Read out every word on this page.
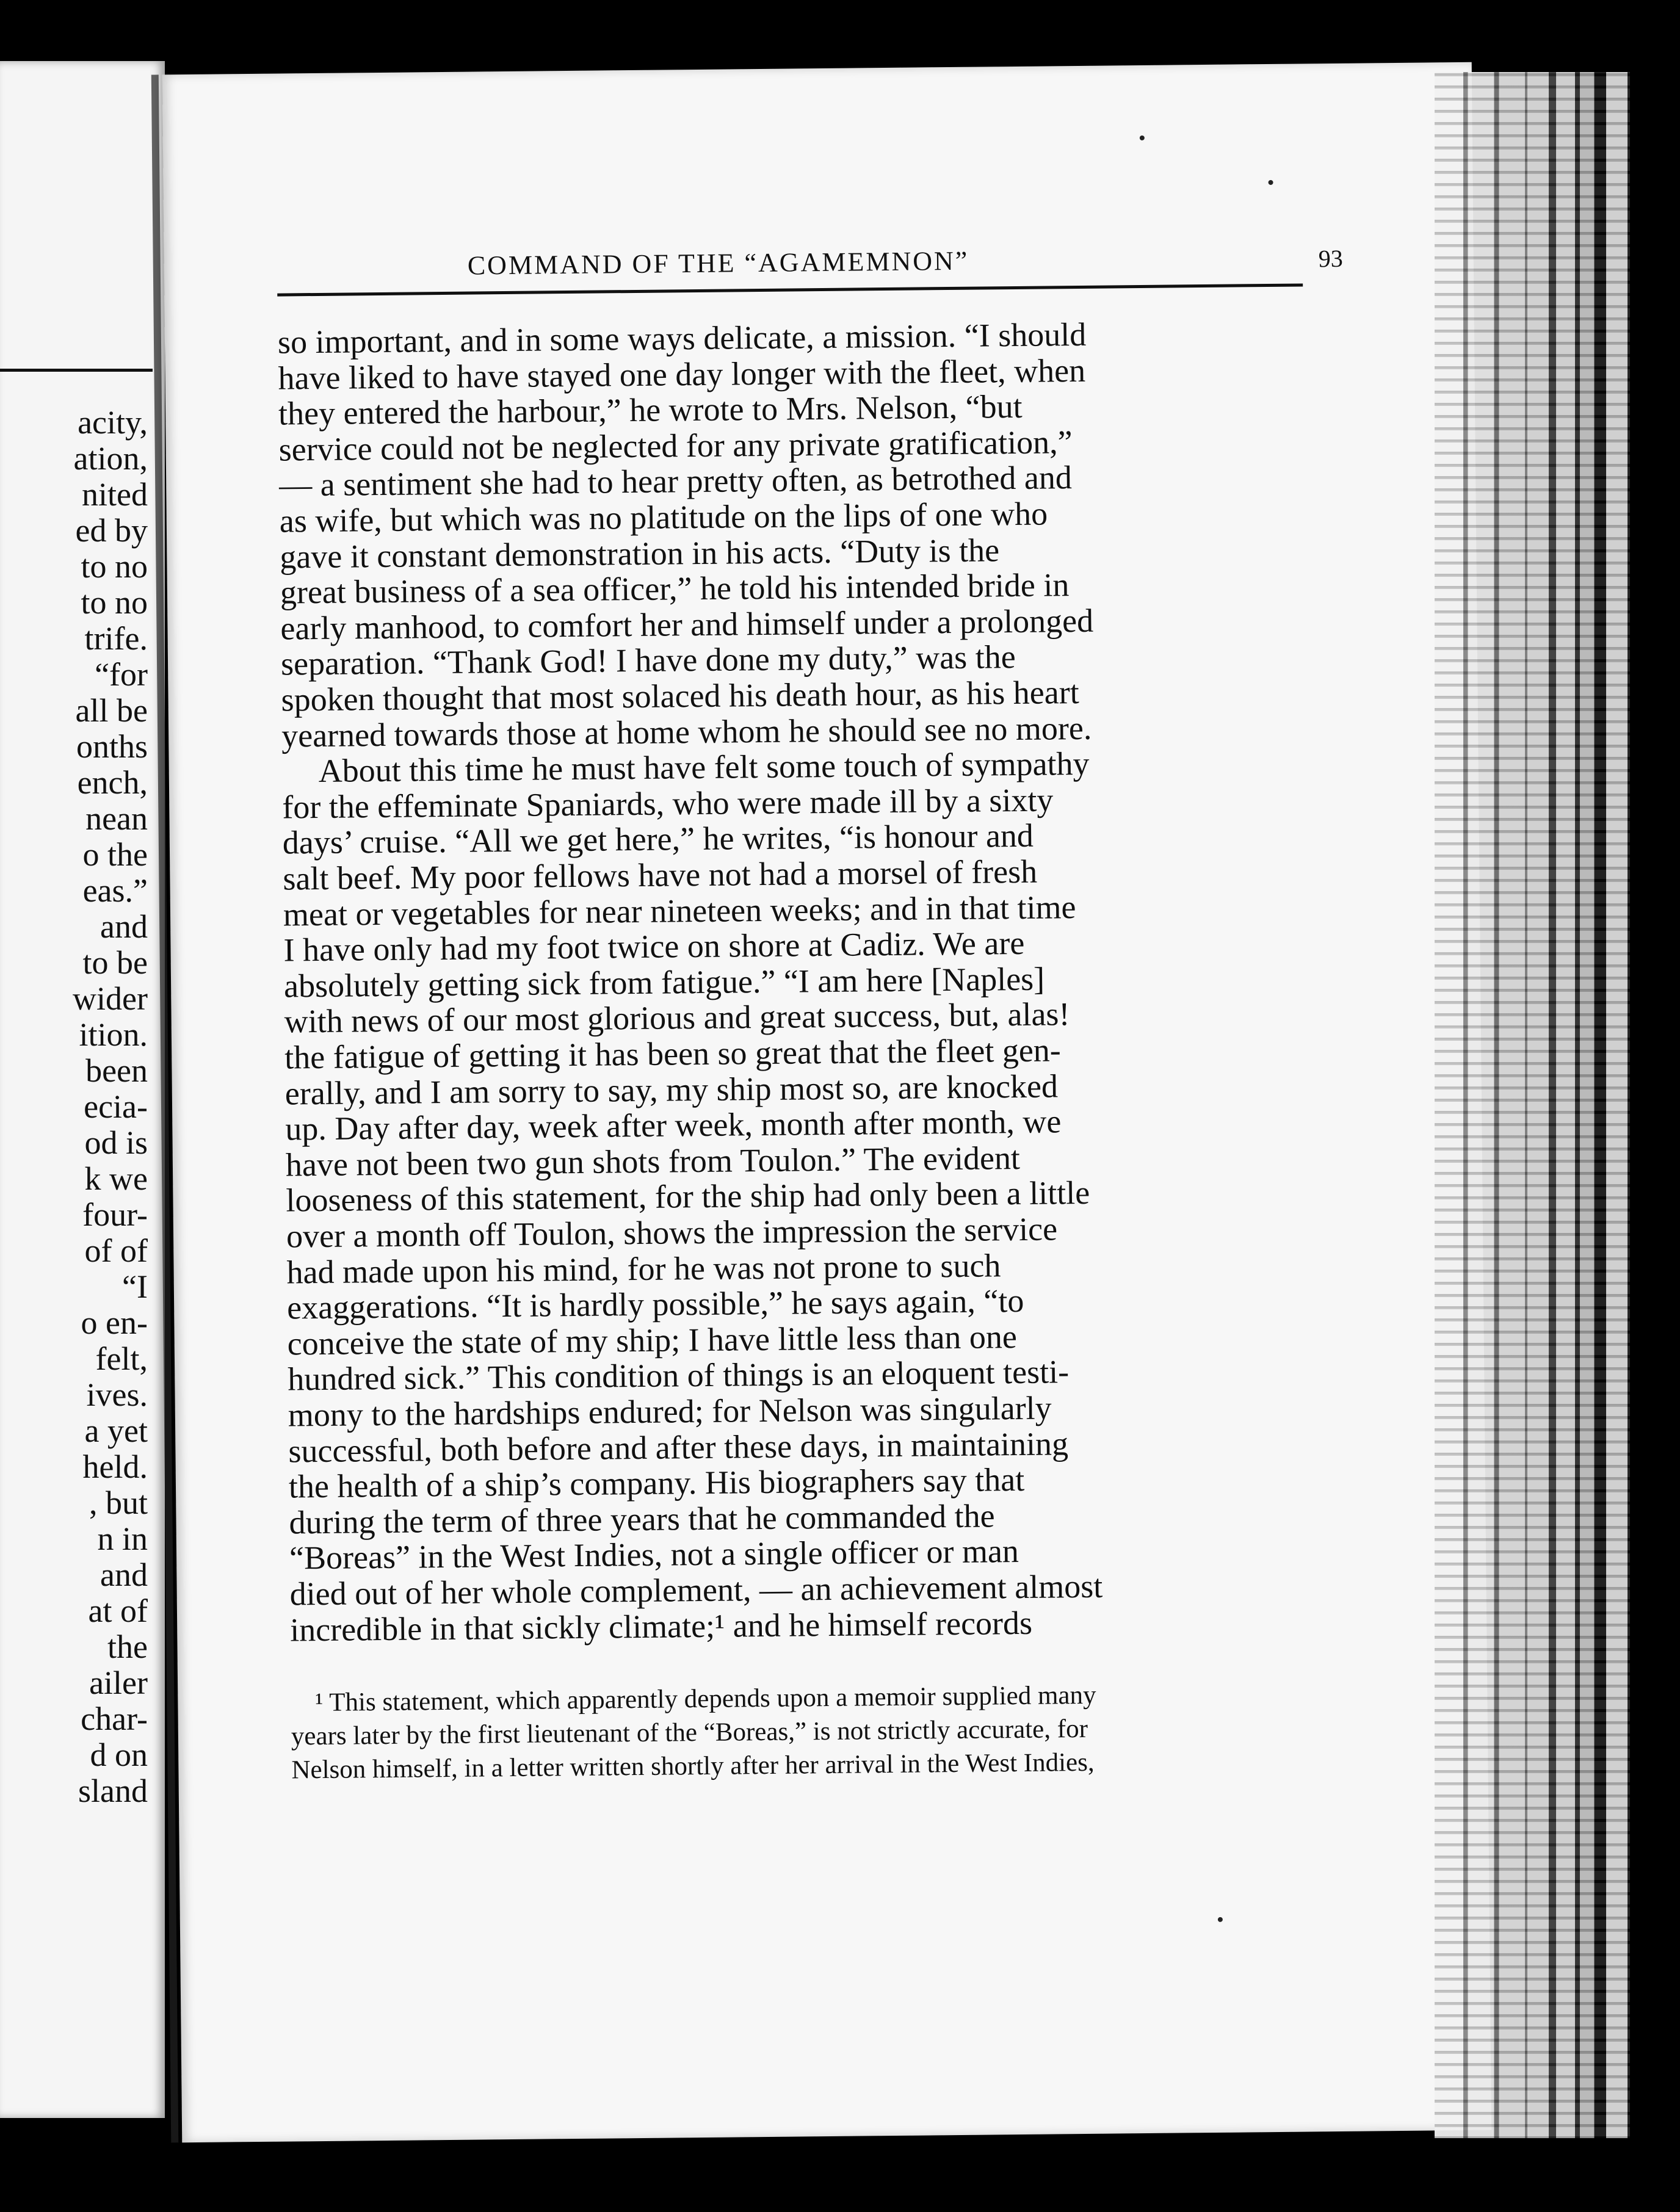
acity,
ation,
nited
ed by
to no
to no
trife.
“for
all be
onths
ench,
nean
o the
eas.”
and
to be
wider
ition.
been
ecia-
od is
k we
four-
of of
“I
o en-
felt,
ives.
a yet
held.
, but
n in
and
at of
the
ailer
char-
d on
sland
COMMAND OF THE “AGAMEMNON”	93
so important, and in some ways delicate, a mission. “I should
have liked to have stayed one day longer with the fleet, when
they entered the harbour,” he wrote to Mrs. Nelson, “but
service could not be neglected for any private gratification,”
— a sentiment she had to hear pretty often, as betrothed and
as wife, but which was no platitude on the lips of one who
gave it constant demonstration in his acts. “Duty is the
great business of a sea officer,” he told his intended bride in
early manhood, to comfort her and himself under a prolonged
separation. “Thank God! I have done my duty,” was the
spoken thought that most solaced his death hour, as his heart
yearned towards those at home whom he should see no more.
About this time he must have felt some touch of sympathy
for the effeminate Spaniards, who were made ill by a sixty
days’ cruise. “All we get here,” he writes, “is honour and
salt beef. My poor fellows have not had a morsel of fresh
meat or vegetables for near nineteen weeks; and in that time
I have only had my foot twice on shore at Cadiz. We are
absolutely getting sick from fatigue.” “I am here [Naples]
with news of our most glorious and great success, but, alas!
the fatigue of getting it has been so great that the fleet gen-
erally, and I am sorry to say, my ship most so, are knocked
up. Day after day, week after week, month after month, we
have not been two gun shots from Toulon.” The evident
looseness of this statement, for the ship had only been a little
over a month off Toulon, shows the impression the service
had made upon his mind, for he was not prone to such
exaggerations. “It is hardly possible,” he says again, “to
conceive the state of my ship; I have little less than one
hundred sick.” This condition of things is an eloquent testi-
mony to the hardships endured; for Nelson was singularly
successful, both before and after these days, in maintaining
the health of a ship’s company. His biographers say that
during the term of three years that he commanded the
“Boreas” in the West Indies, not a single officer or man
died out of her whole complement, — an achievement almost
incredible in that sickly climate;¹ and he himself records
¹ This statement, which apparently depends upon a memoir supplied many
years later by the first lieutenant of the “Boreas,” is not strictly accurate, for
Nelson himself, in a letter written shortly after her arrival in the West Indies,
